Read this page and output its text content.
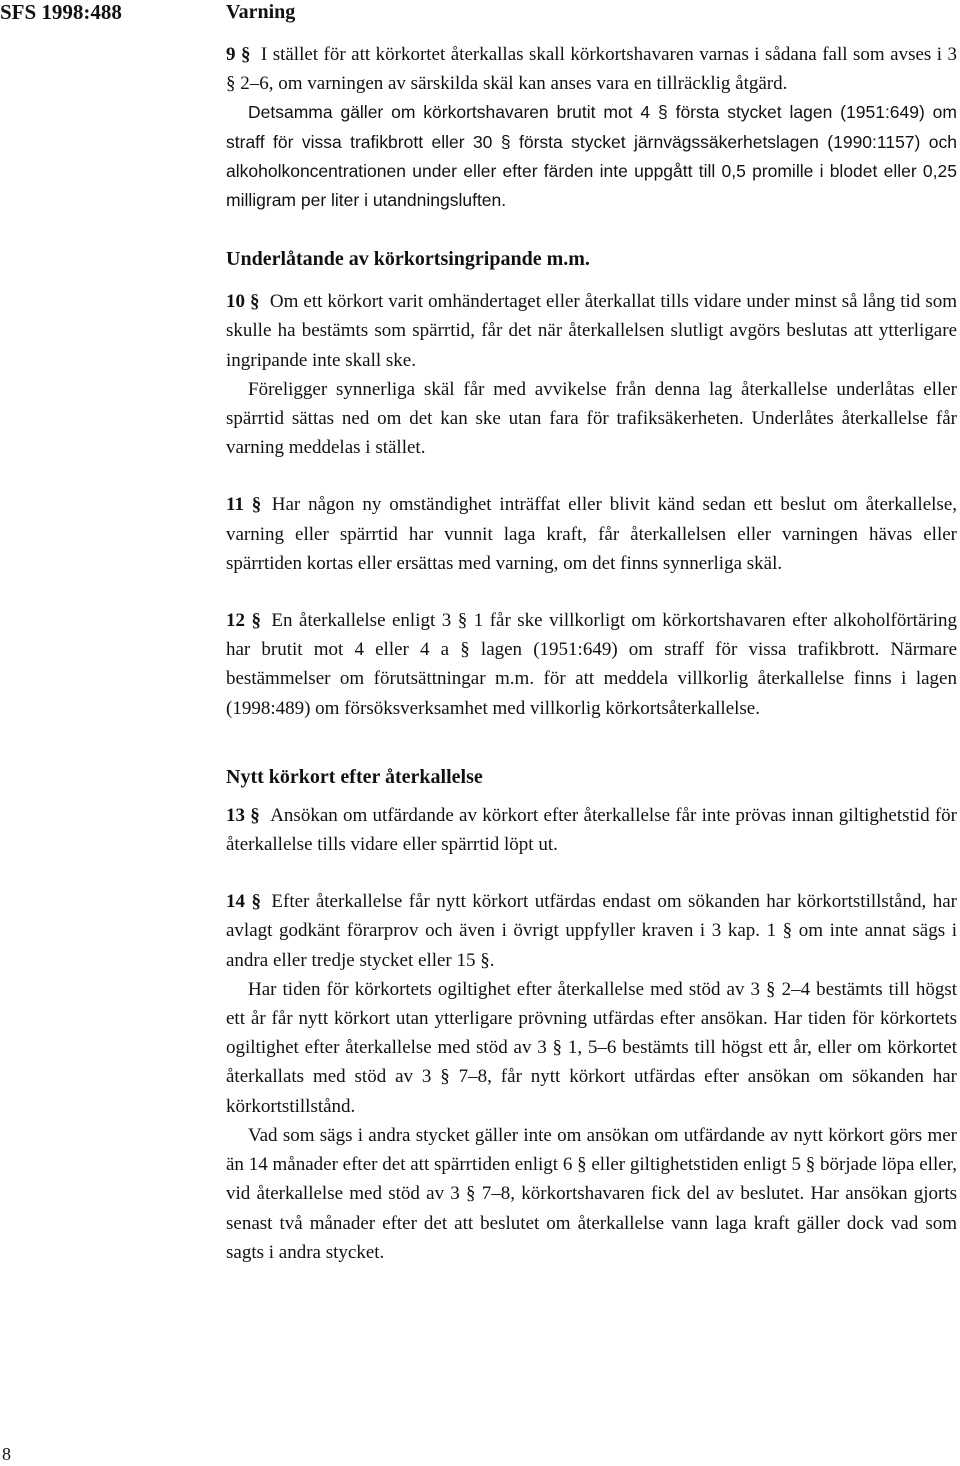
SFS 1998:488	Varning

9 § I stället för att körkortet återkallas skall körkortshavaren varnas i sådana fall som avses i 3 § 2–6, om varningen av särskilda skäl kan anses vara en tillräcklig åtgärd.

Detsamma gäller om körkortshavaren brutit mot 4 § första stycket lagen (1951:649) om straff för vissa trafikbrott eller 30 § första stycket järnvägssäkerhetslagen (1990:1157) och alkoholkoncentrationen under eller efter färden inte uppgått till 0,5 promille i blodet eller 0,25 milligram per liter i utandningsluften.

Underlåtande av körkortsingripande m.m.

10 § Om ett körkort varit omhändertaget eller återkallat tills vidare under minst så lång tid som skulle ha bestämts som spärrtid, får det när återkallelsen slutligt avgörs beslutas att ytterligare ingripande inte skall ske.

Föreligger synnerliga skäl får med avvikelse från denna lag återkallelse underlåtas eller spärrtid sättas ned om det kan ske utan fara för trafiksäkerheten. Underlåtes återkallelse får varning meddelas i stället.

11 § Har någon ny omständighet inträffat eller blivit känd sedan ett beslut om återkallelse, varning eller spärrtid har vunnit laga kraft, får återkallelsen eller varningen hävas eller spärrtiden kortas eller ersättas med varning, om det finns synnerliga skäl.

12 § En återkallelse enligt 3 § 1 får ske villkorligt om körkortshavaren efter alkoholförtäring har brutit mot 4 eller 4 a § lagen (1951:649) om straff för vissa trafikbrott. Närmare bestämmelser om förutsättningar m.m. för att meddela villkorlig återkallelse finns i lagen (1998:489) om försöksverksamhet med villkorlig körkortsåterkallelse.

Nytt körkort efter återkallelse

13 § Ansökan om utfärdande av körkort efter återkallelse får inte prövas innan giltighetstid för återkallelse tills vidare eller spärrtid löpt ut.

14 § Efter återkallelse får nytt körkort utfärdas endast om sökanden har körkortstillstånd, har avlagt godkänt förarprov och även i övrigt uppfyller kraven i 3 kap. 1 § om inte annat sägs i andra eller tredje stycket eller 15 §.

Har tiden för körkortets ogiltighet efter återkallelse med stöd av 3 § 2–4 bestämts till högst ett år får nytt körkort utan ytterligare prövning utfärdas efter ansökan. Har tiden för körkortets ogiltighet efter återkallelse med stöd av 3 § 1, 5–6 bestämts till högst ett år, eller om körkortet återkallats med stöd av 3 § 7–8, får nytt körkort utfärdas efter ansökan om sökanden har körkortstillstånd.

Vad som sägs i andra stycket gäller inte om ansökan om utfärdande av nytt körkort görs mer än 14 månader efter det att spärrtiden enligt 6 § eller giltighetstiden enligt 5 § började löpa eller, vid återkallelse med stöd av 3 § 7–8, körkortshavaren fick del av beslutet. Har ansökan gjorts senast två månader efter det att beslutet om återkallelse vann laga kraft gäller dock vad som sagts i andra stycket.

8
